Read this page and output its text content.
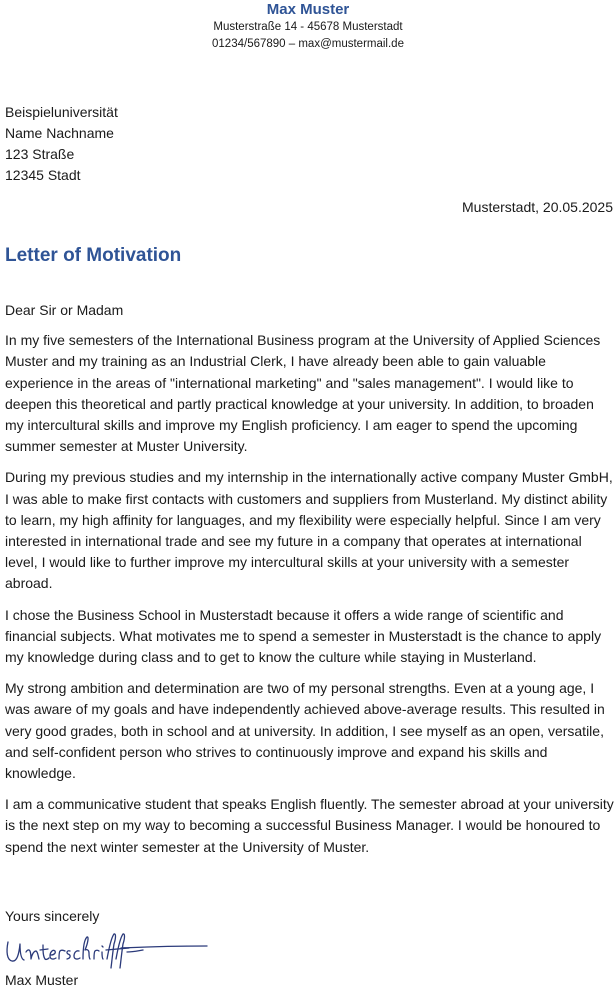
Max Muster
Musterstraße 14 - 45678 Musterstadt
01234/567890 – max@mustermail.de
Beispieluniversität
Name Nachname
123 Straße
12345 Stadt
Musterstadt, 20.05.2025
Letter of Motivation

Dear Sir or Madam

In my five semesters of the International Business program at the University of Applied Sciences Muster and my training as an Industrial Clerk, I have already been able to gain valuable experience in the areas of "international marketing" and "sales management". I would like to deepen this theoretical and partly practical knowledge at your university. In addition, to broaden my intercultural skills and improve my English proficiency. I am eager to spend the upcoming summer semester at Muster University.

During my previous studies and my internship in the internationally active company Muster GmbH, I was able to make first contacts with customers and suppliers from Musterland. My distinct ability to learn, my high affinity for languages, and my flexibility were especially helpful. Since I am very interested in international trade and see my future in a company that operates at international level, I would like to further improve my intercultural skills at your university with a semester abroad.

I chose the Business School in Musterstadt because it offers a wide range of scientific and financial subjects. What motivates me to spend a semester in Musterstadt is the chance to apply my knowledge during class and to get to know the culture while staying in Musterland.

My strong ambition and determination are two of my personal strengths. Even at a young age, I was aware of my goals and have independently achieved above-average results. This resulted in very good grades, both in school and at university. In addition, I see myself as an open, versatile, and self-confident person who strives to continuously improve and expand his skills and knowledge.

I am a communicative student that speaks English fluently. The semester abroad at your university is the next step on my way to becoming a successful Business Manager. I would be honoured to spend the next winter semester at the University of Muster.

Yours sincerely
Max Muster
